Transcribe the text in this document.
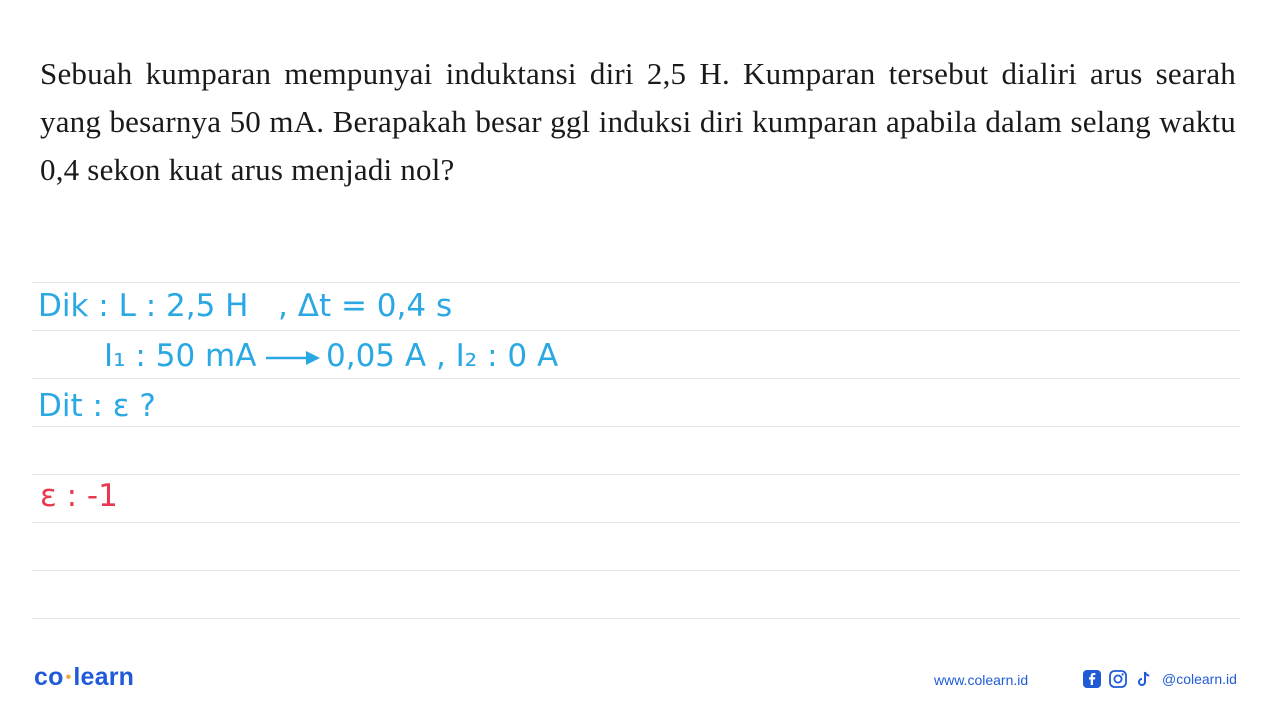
Sebuah kumparan mempunyai induktansi diri 2,5 H. Kumparan tersebut dialiri arus searah yang besarnya 50 mA. Berapakah besar ggl induksi diri kumparan apabila dalam selang waktu 0,4 sekon kuat arus menjadi nol?
Dik : L : 2,5 H   , Δt = 0,4 s
I₁ : 50 mA 0,05 A , I₂ : 0 A
Dit : ε ?
ε : -1
co •learn	www.colearn.id	@colearn.id
